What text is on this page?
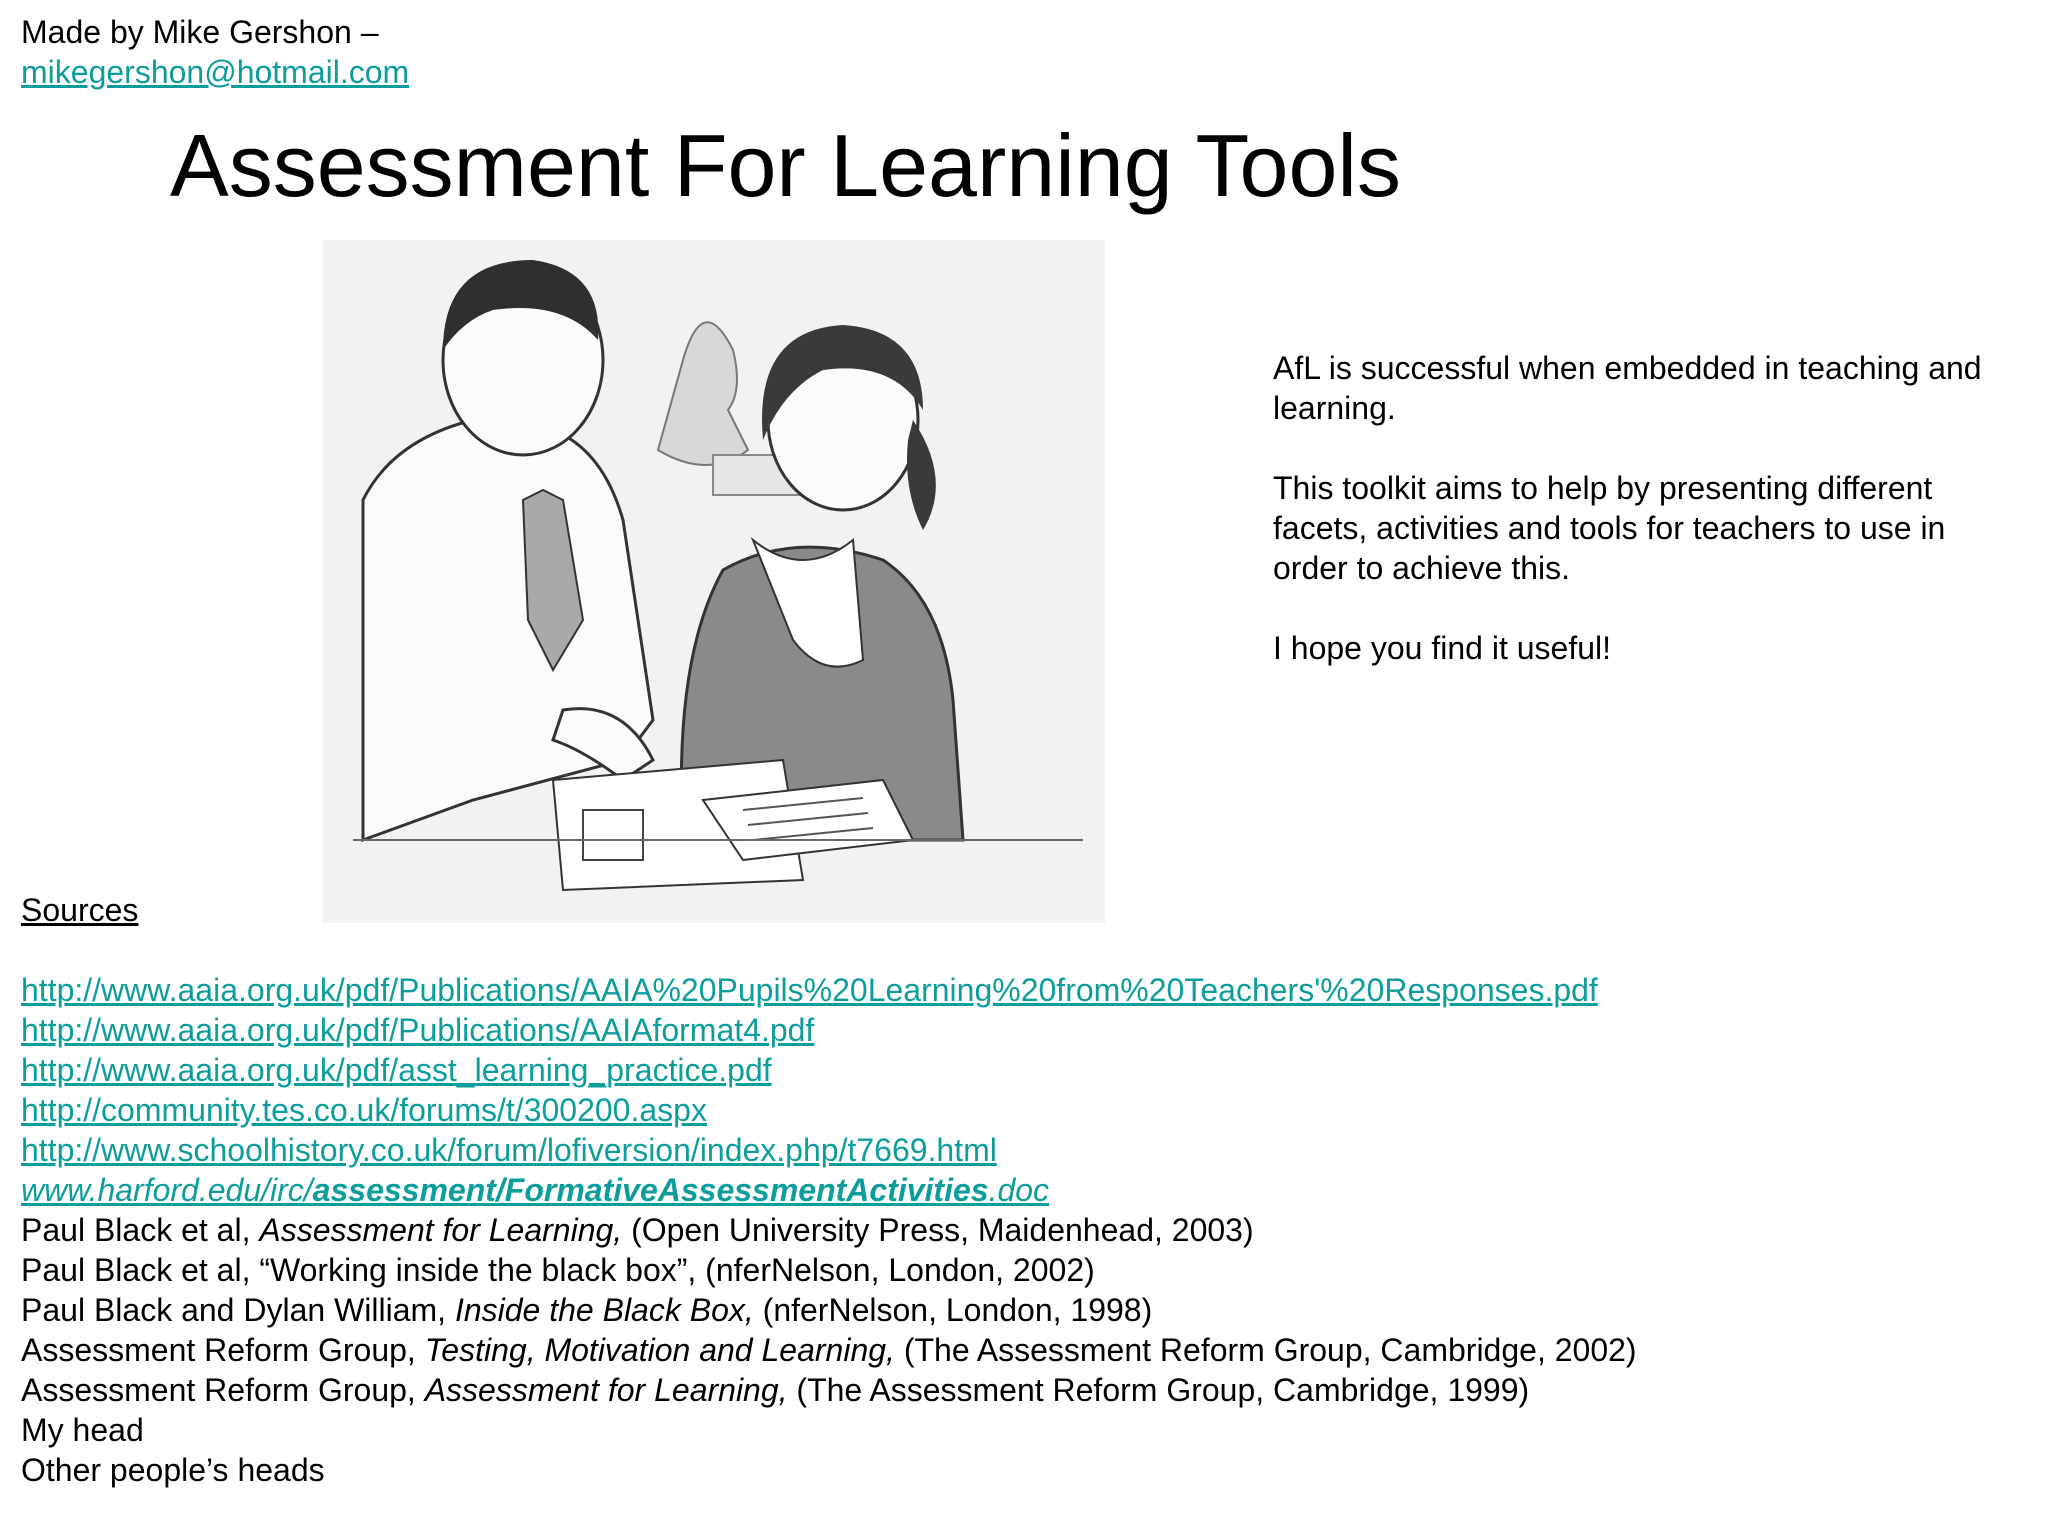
Made by Mike Gershon –
mikegershon@hotmail.com
Assessment For Learning Tools

AfL is successful when embedded in teaching and learning.

This toolkit aims to help by presenting different facets, activities and tools for teachers to use in order to achieve this.

I hope you find it useful!

Sources
http://www.aaia.org.uk/pdf/Publications/AAIA%20Pupils%20Learning%20from%20Teachers'%20Responses.pdf
http://www.aaia.org.uk/pdf/Publications/AAIAformat4.pdf
http://www.aaia.org.uk/pdf/asst_learning_practice.pdf
http://community.tes.co.uk/forums/t/300200.aspx
http://www.schoolhistory.co.uk/forum/lofiversion/index.php/t7669.html
www.harford.edu/irc/assessment/FormativeAssessmentActivities.doc
Paul Black et al, Assessment for Learning, (Open University Press, Maidenhead, 2003)
Paul Black et al, “Working inside the black box”, (nferNelson, London, 2002)
Paul Black and Dylan William, Inside the Black Box, (nferNelson, London, 1998)
Assessment Reform Group, Testing, Motivation and Learning, (The Assessment Reform Group, Cambridge, 2002)
Assessment Reform Group, Assessment for Learning, (The Assessment Reform Group, Cambridge, 1999)
My head
Other people’s heads
